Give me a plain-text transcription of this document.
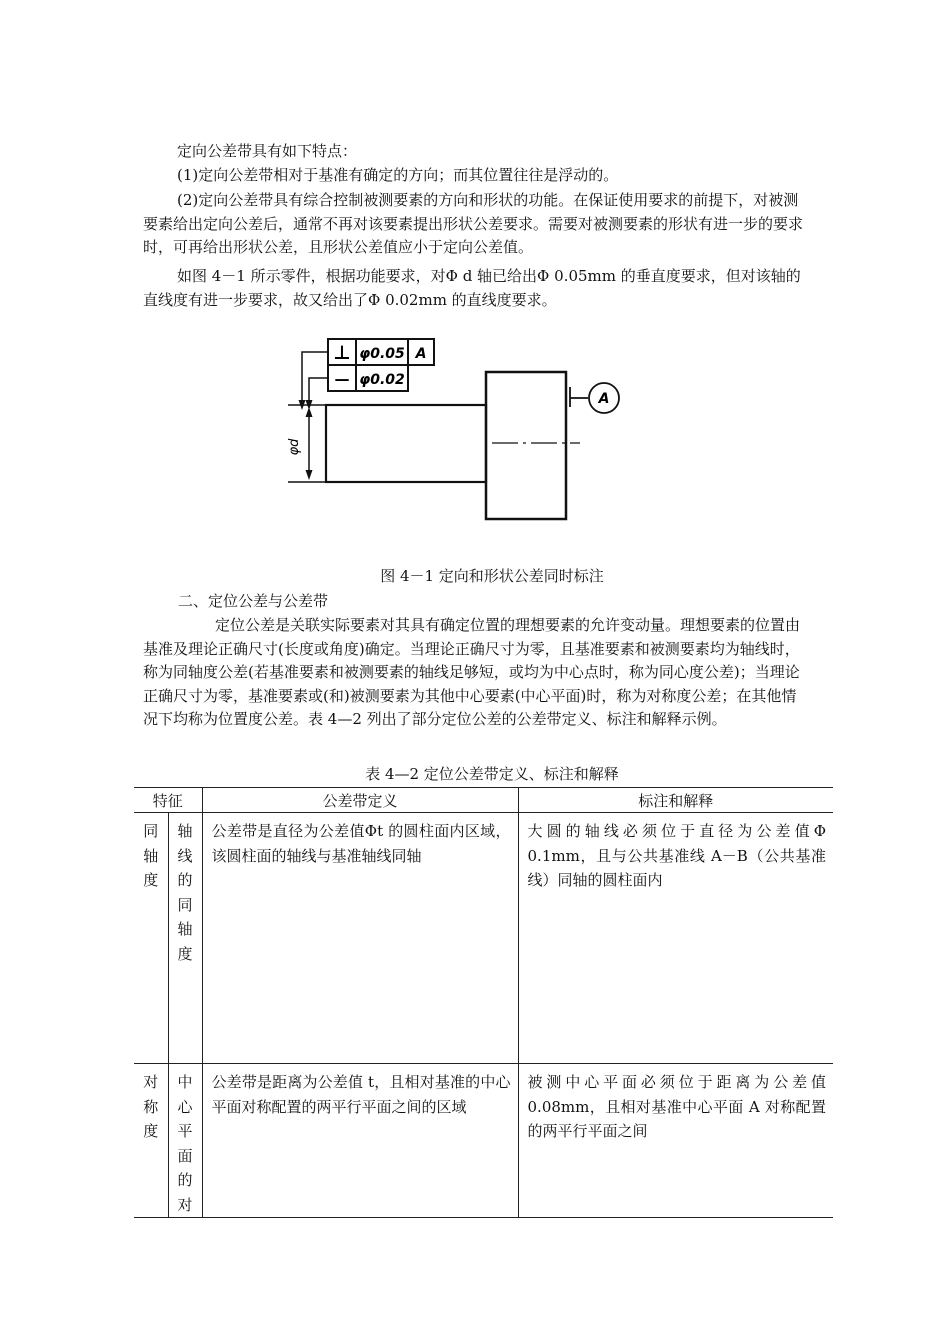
定向公差带具有如下特点：

(1)定向公差带相对于基准有确定的方向；而其位置往往是浮动的。

(2)定向公差带具有综合控制被测要素的方向和形状的功能。在保证使用要求的前提下，对被测要素给出定向公差后，通常不再对该要素提出形状公差要求。需要对被测要素的形状有进一步的要求时，可再给出形状公差，且形状公差值应小于定向公差值。

如图 4－1 所示零件，根据功能要求，对Φ d 轴已给出Φ 0.05mm 的垂直度要求，但对该轴的直线度有进一步要求，故又给出了Φ 0.02mm 的直线度要求。

⊥ φ0.05 A
— φ0.02
φd
A
图 4－1 定向和形状公差同时标注
二、定位公差与公差带

定位公差是关联实际要素对其具有确定位置的理想要素的允许变动量。理想要素的位置由基准及理论正确尺寸(长度或角度)确定。当理论正确尺寸为零，且基准要素和被测要素均为轴线时，称为同轴度公差(若基准要素和被测要素的轴线足够短，或均为中心点时，称为同心度公差)；当理论正确尺寸为零，基准要素或(和)被测要素为其他中心要素(中心平面)时，称为对称度公差；在其他情况下均称为位置度公差。表 4—2 列出了部分定位公差的公差带定义、标注和解释示例。

表 4—2 定位公差带定义、标注和解释
特征		公差带定义	标注和解释

同轴度	轴线的同轴度	公差带是直径为公差值Φt 的圆柱面内区域，该圆柱面的轴线与基准轴线同轴	大圆的轴线必须位于直径为公差值Φ 0.1mm，且与公共基准线 A－B（公共基准线）同轴的圆柱面内

对称度	中心平面的对	公差带是距离为公差值 t，且相对基准的中心平面对称配置的两平行平面之间的区域	被测中心平面必须位于距离为公差值 0.08mm，且相对基准中心平面 A 对称配置的两平行平面之间
